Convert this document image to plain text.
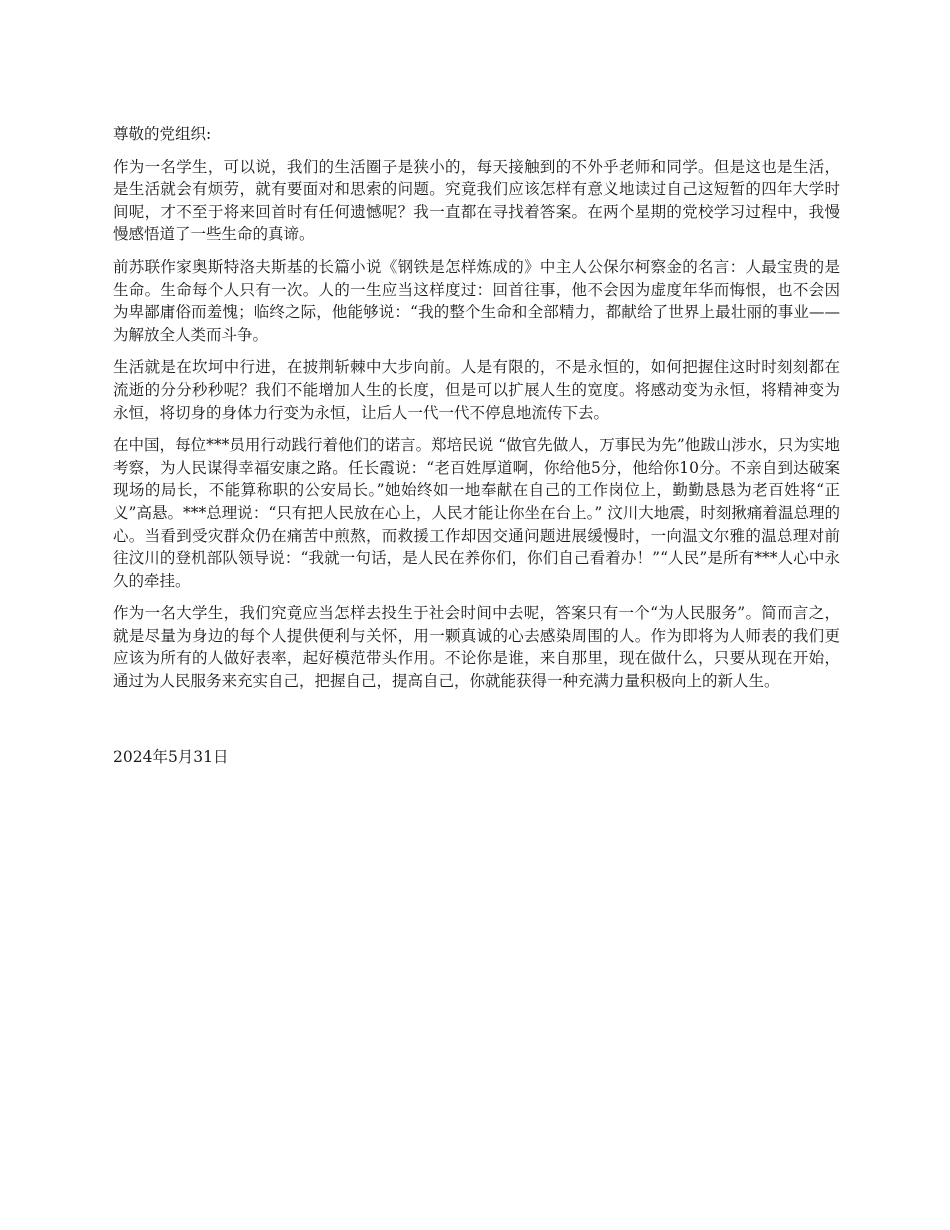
尊敬的党组织:

作为一名学生，可以说，我们的生活圈子是狭小的，每天接触到的不外乎老师和同学。但是这也是生活，是生活就会有烦劳，就有要面对和思索的问题。究竟我们应该怎样有意义地读过自己这短暂的四年大学时间呢，才不至于将来回首时有任何遗憾呢？我一直都在寻找着答案。在两个星期的党校学习过程中，我慢慢感悟道了一些生命的真谛。

前苏联作家奥斯特洛夫斯基的长篇小说《钢铁是怎样炼成的》中主人公保尔柯察金的名言：人最宝贵的是生命。生命每个人只有一次。人的一生应当这样度过：回首往事，他不会因为虚度年华而悔恨，也不会因为卑鄙庸俗而羞愧；临终之际，他能够说：“我的整个生命和全部精力，都献给了世界上最壮丽的事业——为解放全人类而斗争。

生活就是在坎坷中行进，在披荆斩棘中大步向前。人是有限的，不是永恒的，如何把握住这时时刻刻都在流逝的分分秒秒呢？我们不能增加人生的长度，但是可以扩展人生的宽度。将感动变为永恒，将精神变为永恒，将切身的身体力行变为永恒，让后人一代一代不停息地流传下去。

在中国，每位***员用行动践行着他们的诺言。郑培民说 “做官先做人，万事民为先”他跋山涉水，只为实地考察，为人民谋得幸福安康之路。任长霞说：“老百姓厚道啊，你给他5分，他给你10分。不亲自到达破案现场的局长，不能算称职的公安局长。”她始终如一地奉献在自己的工作岗位上，勤勤恳恳为老百姓将“正义”高悬。***总理说：“只有把人民放在心上，人民才能让你坐在台上。” 汶川大地震，时刻揪痛着温总理的心。当看到受灾群众仍在痛苦中煎熬，而救援工作却因交通问题进展缓慢时，一向温文尔雅的温总理对前往汶川的登机部队领导说：“我就一句话，是人民在养你们，你们自己看着办！”“人民”是所有***人心中永久的牵挂。

作为一名大学生，我们究竟应当怎样去投生于社会时间中去呢，答案只有一个“为人民服务”。简而言之，就是尽量为身边的每个人提供便利与关怀，用一颗真诚的心去感染周围的人。作为即将为人师表的我们更应该为所有的人做好表率，起好模范带头作用。不论你是谁，来自那里，现在做什么，只要从现在开始，通过为人民服务来充实自己，把握自己，提高自己，你就能获得一种充满力量积极向上的新人生。

2024年5月31日
